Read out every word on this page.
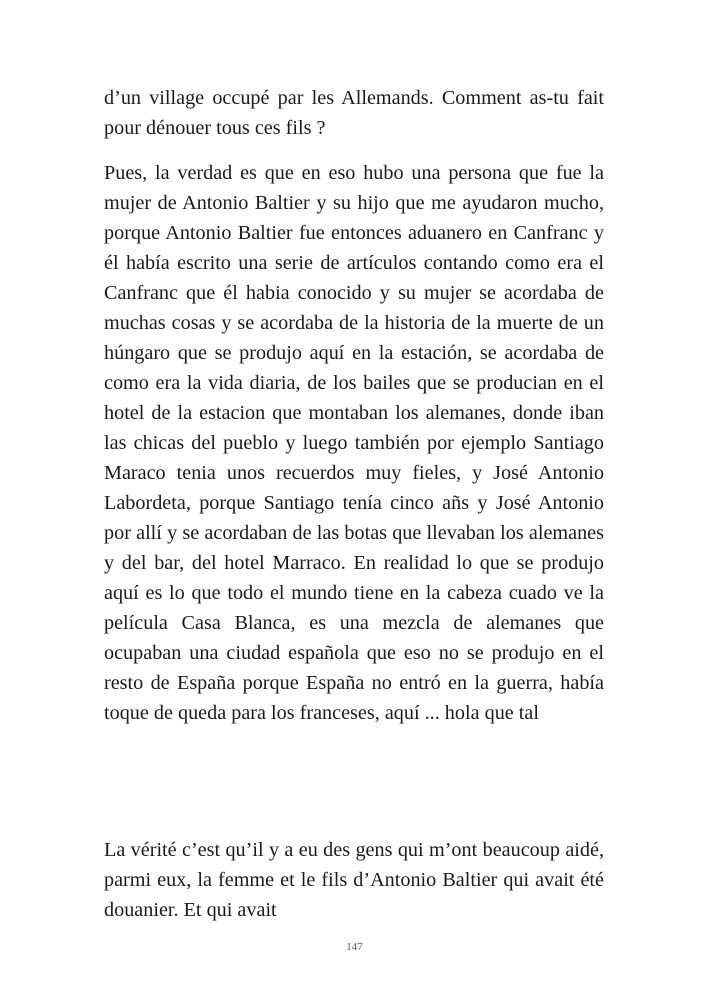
d’un village occupé par les Allemands. Comment as-tu fait pour dénouer tous ces fils ?

Pues, la verdad es que en eso hubo una persona que fue la mujer de Antonio Baltier y su hijo que me ayudaron mucho, porque Antonio Baltier fue entonces aduanero en Canfranc y él había escrito una serie de artículos contando como era el Canfranc que él habia conocido y su mujer se acordaba de muchas cosas y se acordaba de la historia de la muerte de un húngaro que se produjo aquí en la estación, se acordaba de como era la vida diaria, de los bailes que se producian en el hotel de la estacion que montaban los alemanes, donde iban las chicas del pueblo y luego también por ejemplo Santiago Maraco tenia unos recuerdos muy fieles, y José Antonio Labordeta, porque Santiago tenía cinco añs y José Antonio por allí y se acordaban de las botas que llevaban los alemanes y del bar, del hotel Marraco. En realidad lo que se produjo aquí es lo que todo el mundo tiene en la cabeza cuado ve la película Casa Blanca, es una mezcla de alemanes que ocupaban una ciudad española que eso no se produjo en el resto de España porque España no entró en la guerra, había toque de queda para los franceses, aquí ... hola que tal

La vérité c’est qu’il y a eu des gens qui m’ont beaucoup aidé, parmi eux, la femme et le fils d’Antonio Baltier qui avait été douanier. Et qui avait

147
